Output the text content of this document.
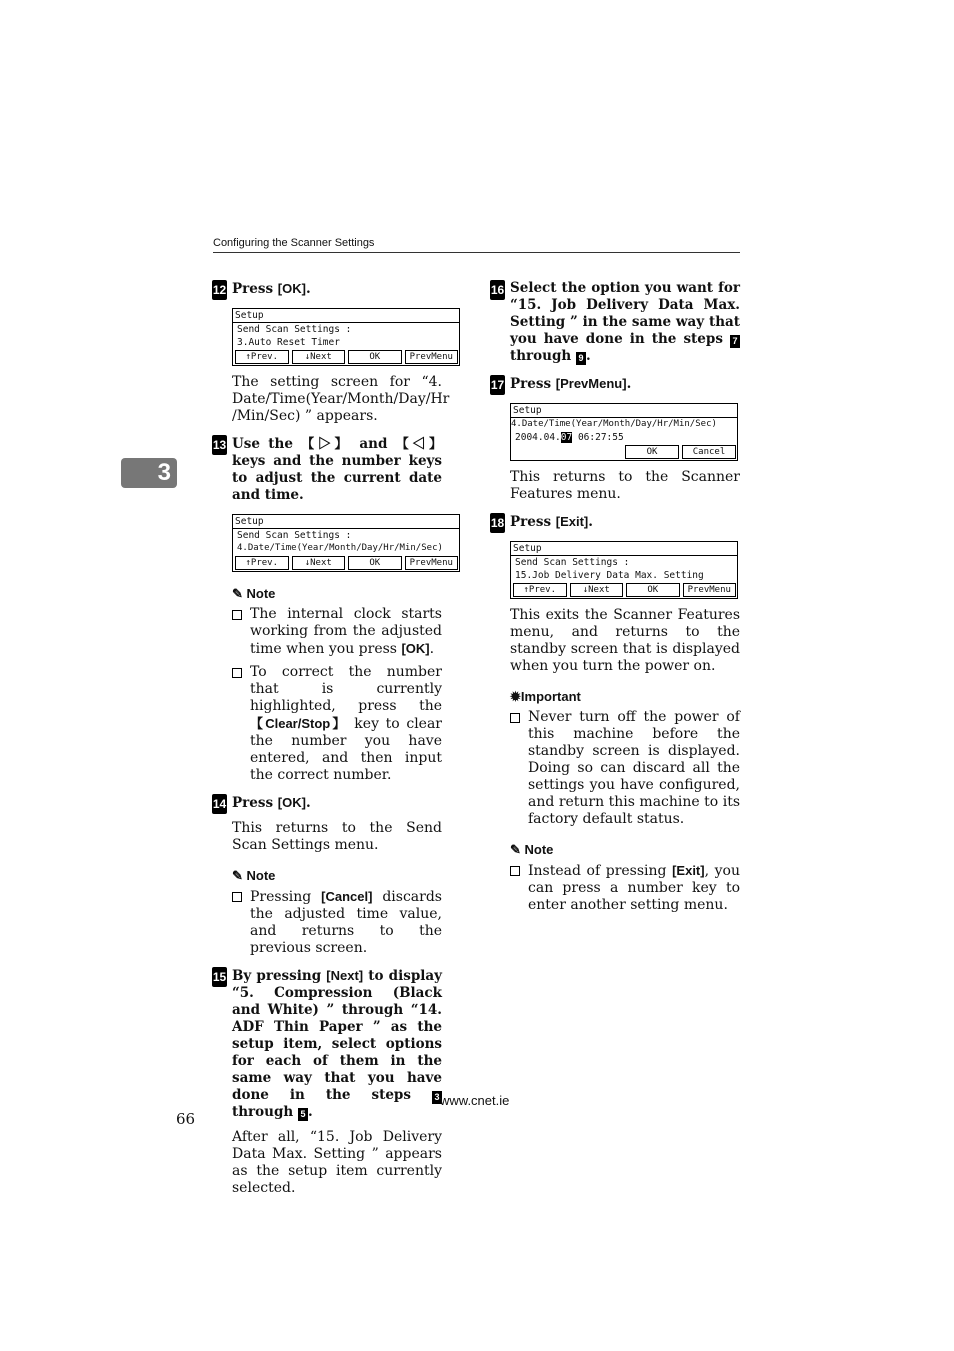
Configuring the Scanner Settings
3
12 Press [OK].
Setup
Send Scan Settings :
3.Auto Reset Timer
↑Prev.	↓Next	OK	PrevMenu

The setting screen for “4. Date/Time(Year/Month/Day/Hr /Min/Sec) ” appears.

13 Use the 【▷】 and 【◁】 keys and the number keys to adjust the current date and time.
Setup
Send Scan Settings :
4.Date/Time(Year/Month/Day/Hr/Min/Sec)
↑Prev.	↓Next	OK	PrevMenu
✎ Note
The internal clock starts working from the adjusted time when you press [OK].
To correct the number that is currently highlighted, press the 【Clear/Stop】 key to clear the number you have entered, and then input the correct number.
14 Press [OK].

This returns to the Send Scan Settings menu.

✎ Note
Pressing [Cancel] discards the adjusted time value, and returns to the previous screen.
15 By pressing [Next] to display “5. Compression (Black and White) ” through “14. ADF Thin Paper ” as the setup item, select options for each of them in the same way that you have done in the steps 3 through 5 .

After all, “15. Job Delivery Data Max. Setting ” appears as the setup item currently selected.

16 Select the option you want for “15. Job Delivery Data Max. Setting ” in the same way that you have done in the steps 7 through 9 .
17 Press [PrevMenu].
Setup
4.Date/Time(Year/Month/Day/Hr/Min/Sec)
2004.04.07 06:27:55
OK	Cancel

This returns to the Scanner Features menu.

18 Press [Exit].
Setup
Send Scan Settings :
15.Job Delivery Data Max. Setting
↑Prev.	↓Next	OK	PrevMenu

This exits the Scanner Features menu, and returns to the standby screen that is displayed when you turn the power on.

✹Important
Never turn off the power of this machine before the standby screen is displayed. Doing so can discard all the settings you have configured, and return this machine to its factory default status.
✎ Note
Instead of pressing [Exit], you can press a number key to enter another setting menu.
www.cnet.ie
66
